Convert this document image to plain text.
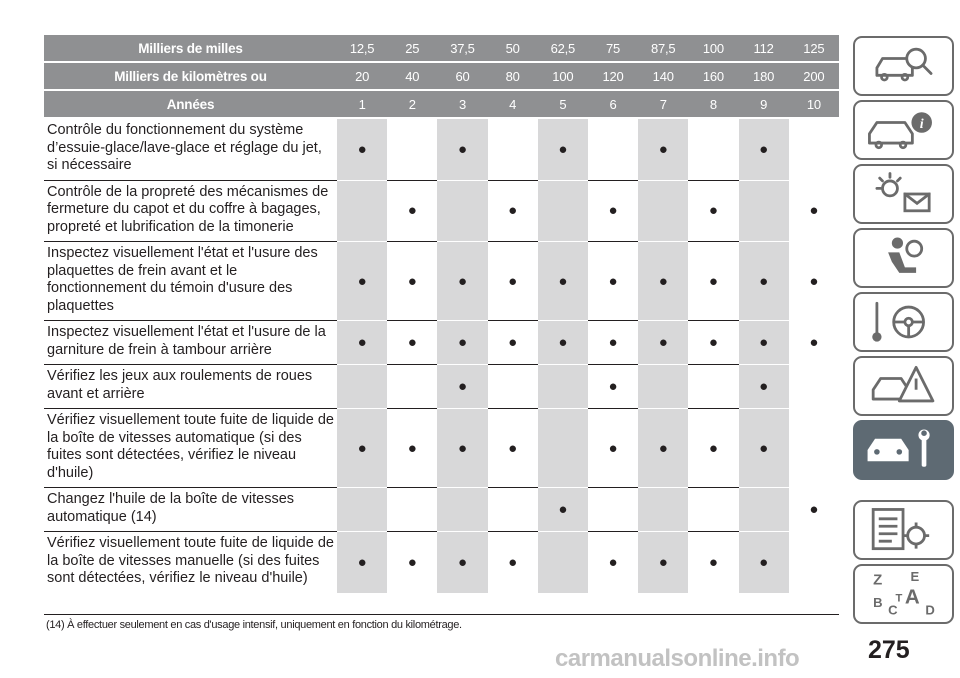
Milliers de milles	12,5	25	37,5	50	62,5	75	87,5	100	112	125
Milliers de kilomètres ou	20	40	60	80	100	120	140	160	180	200
Années	1	2	3	4	5	6	7	8	9	10

Contrôle du fonctionnement du système
d’essuie-glace/lave-glace et réglage du jet,
si nécessaire	●		●		●		●		●	

Contrôle de la propreté des mécanismes de
fermeture du capot et du coffre à bagages,
propreté et lubrification de la timonerie		●		●		●		●		●

Inspectez visuellement l'état et l'usure des
plaquettes de frein avant et le
fonctionnement du témoin d'usure des
plaquettes	●	●	●	●	●	●	●	●	●	●

Inspectez visuellement l'état et l'usure de la
garniture de frein à tambour arrière	●	●	●	●	●	●	●	●	●	●

Vérifiez les jeux aux roulements de roues
avant et arrière			●			●			●	

Vérifiez visuellement toute fuite de liquide de
la boîte de vitesses automatique (si des
fuites sont détectées, vérifiez le niveau
d'huile)	●	●	●	●		●	●	●	●	

Changez l'huile de la boîte de vitesses
automatique (14)					●					●

Vérifiez visuellement toute fuite de liquide de
la boîte de vitesses manuelle (si des fuites
sont détectées, vérifiez le niveau d'huile)	●	●	●	●		●	●	●	●	
(14) À effectuer seulement en cas d'usage intensif, uniquement en fonction du kilométrage.
carmanualsonline.info	275
i
Z E
A
B C
T
D
